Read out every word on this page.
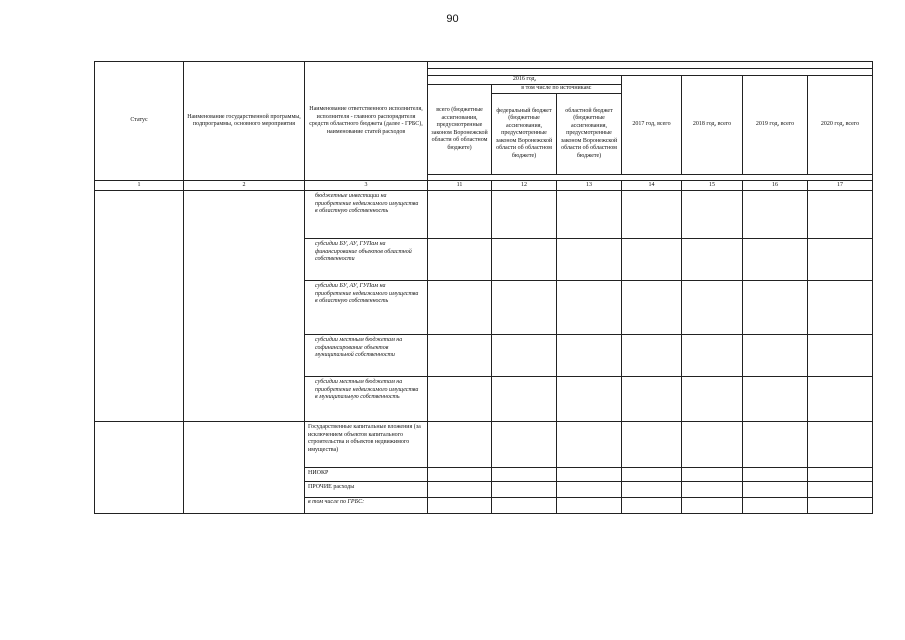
90
Статус	Наименование государственной программы, подпрограммы, основного мероприятия	Наименование ответственного исполнителя, исполнителя - главного распорядителя средств областного бюджета (далее - ГРБС), наименование статей расходов							

			2016 год,			2017 год, всего	2018 год, всего	2019 год, всего	2020 год, всего
			всего (бюджетные ассигнования, предусмотренные законом Воронежской области об областном бюджете)	в том числе по источникам:					
				федеральный бюджет (бюджетные ассигнования, предусмотренные законом Воронежской области об областном бюджете)	областной бюджет (бюджетные ассигнования, предусмотренные законом Воронежской области об областном бюджете)				

1	2	3	11	12	13	14	15	16	17
		бюджетные инвестиции на приобретение недвижимого имущества в областную собственность							
		субсидии БУ, АУ, ГУПам на финансирование объектов областной собственности							
		субсидии БУ, АУ, ГУПам на приобретение недвижимого имущества в областную собственность							
		субсидии местным бюджетам на софинансирование объектов муниципальной собственности							
		субсидии местным бюджетам на приобретение недвижимого имущества в муниципальную собственность							
		Государственные капитальные вложения (за исключением объектов капитального строительства и объектов недвижимого имущества)							
		НИОКР							
		ПРОЧИЕ расходы							
		в том числе по ГРБС:							
